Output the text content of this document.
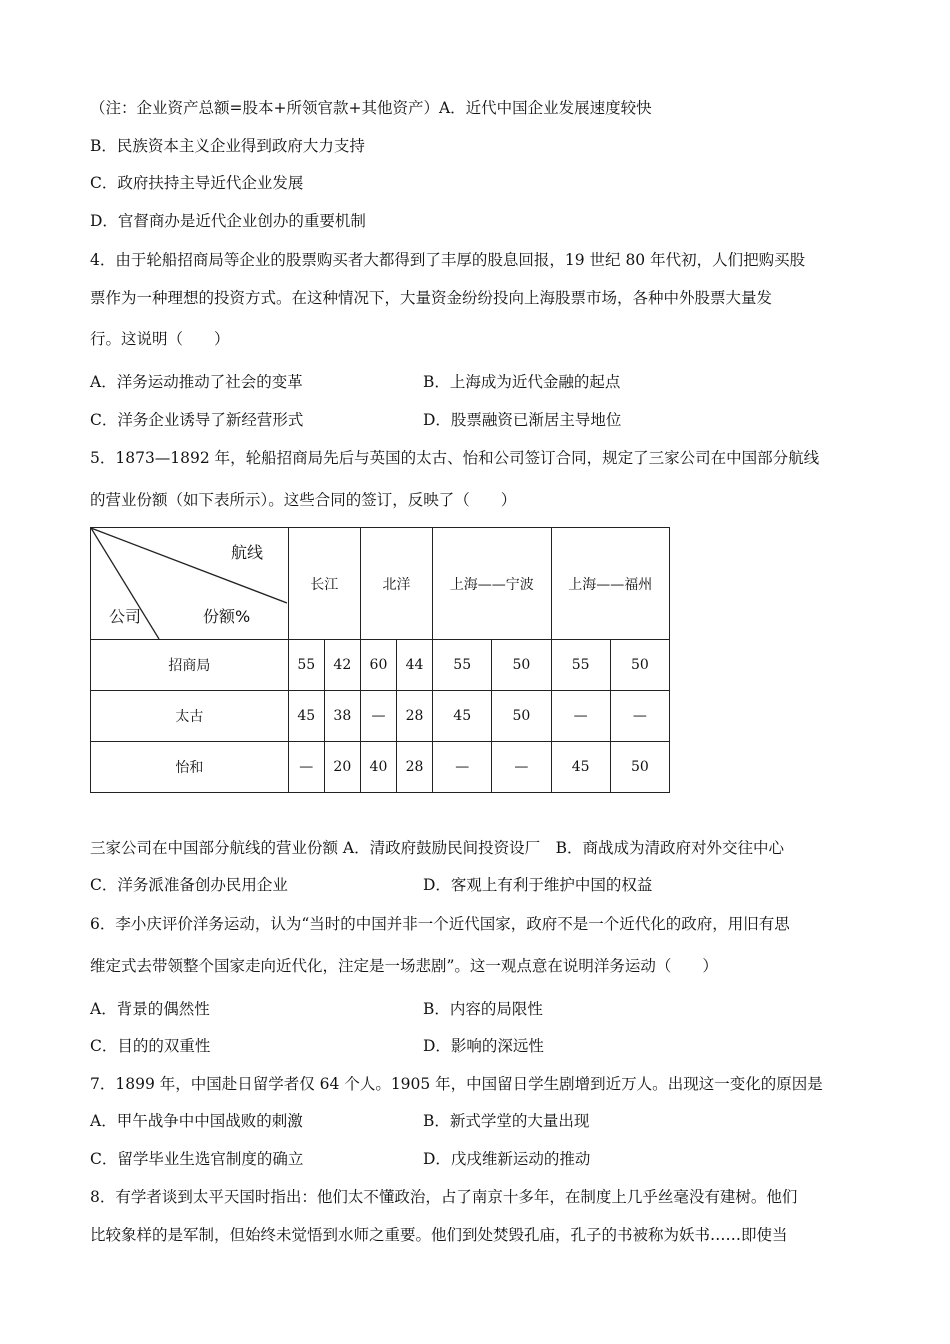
（注：企业资产总额=股本+所领官款+其他资产）A．近代中国企业发展速度较快
B．民族资本主义企业得到政府大力支持
C．政府扶持主导近代企业发展
D．官督商办是近代企业创办的重要机制
4．由于轮船招商局等企业的股票购买者大都得到了丰厚的股息回报，19 世纪 80 年代初，人们把购买股
票作为一种理想的投资方式。在这种情况下，大量资金纷纷投向上海股票市场，各种中外股票大量发
行。这说明（　　）
A．洋务运动推动了社会的变革	B．上海成为近代金融的起点
C．洋务企业诱导了新经营形式	D．股票融资已渐居主导地位
5．1873—1892 年，轮船招商局先后与英国的太古、怡和公司签订合同，规定了三家公司在中国部分航线
的营业份额（如下表所示）。这些合同的签订，反映了（　　）
航线
公司 份额%	长江		北洋		上海——宁波		上海——福州	
招商局	55	42	60	44	55	50	55	50
太古	45	38	—	28	45	50	—	—
怡和	—	20	40	28	—	—	45	50
三家公司在中国部分航线的营业份额 A．清政府鼓励民间投资设厂　B．商战成为清政府对外交往中心
C．洋务派准备创办民用企业	D．客观上有利于维护中国的权益
6．李小庆评价洋务运动，认为“当时的中国并非一个近代国家，政府不是一个近代化的政府，用旧有思
维定式去带领整个国家走向近代化，注定是一场悲剧”。这一观点意在说明洋务运动（　　）
A．背景的偶然性	B．内容的局限性
C．目的的双重性	D．影响的深远性
7．1899 年，中国赴日留学者仅 64 个人。1905 年，中国留日学生剧增到近万人。出现这一变化的原因是
A．甲午战争中中国战败的刺激	B．新式学堂的大量出现
C．留学毕业生选官制度的确立	D．戊戌维新运动的推动
8．有学者谈到太平天国时指出：他们太不懂政治，占了南京十多年，在制度上几乎丝毫没有建树。他们
比较象样的是军制，但始终未觉悟到水师之重要。他们到处焚毁孔庙，孔子的书被称为妖书……即使当
